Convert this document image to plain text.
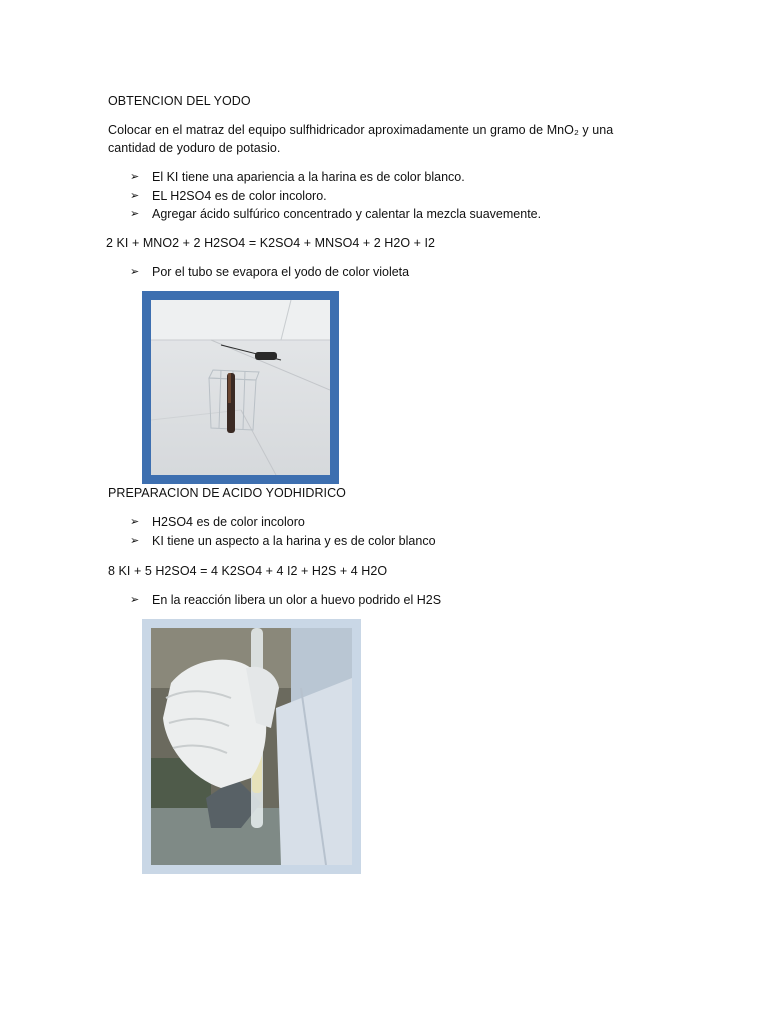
OBTENCION DEL YODO
Colocar en el matraz del equipo sulfhidricador aproximadamente un gramo de MnO₂ y una
cantidad de yoduro de potasio.
➢ El KI tiene una apariencia a la harina es de color blanco.
➢ EL H2SO4 es de color incoloro.
➢ Agregar ácido sulfúrico concentrado y calentar la mezcla suavemente.
2 KI + MNO2 + 2 H2SO4 = K2SO4 + MNSO4 + 2 H2O + I2
➢ Por el tubo se evapora el yodo de color violeta
PREPARACION DE ACIDO YODHIDRICO
➢ H2SO4 es de color incoloro
➢ KI tiene un aspecto a la harina y es de color blanco
8 KI + 5 H2SO4 = 4 K2SO4 + 4 I2 + H2S + 4 H2O
➢ En la reacción libera un olor a huevo podrido el H2S
